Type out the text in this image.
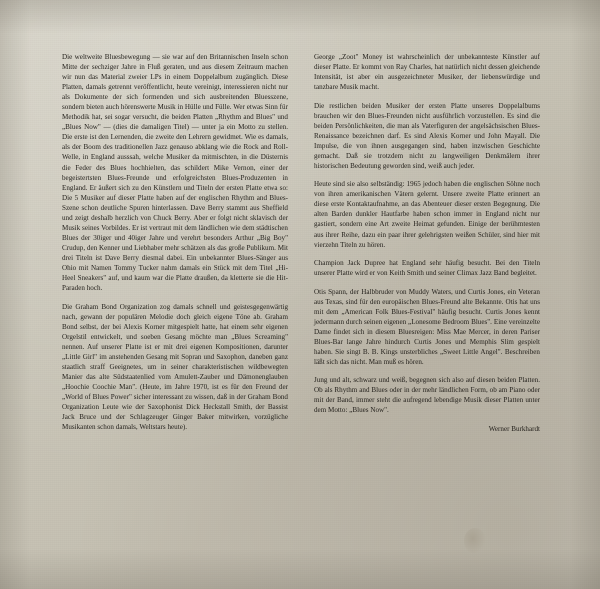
Die weltweite Bluesbewegung — sie war auf den Britannischen Inseln schon Mitte der sechziger Jahre in Fluß geraten, und aus diesem Zeitraum machen wir nun das Material zweier LPs in einem Doppelalbum zugänglich. Diese Platten, damals getrennt veröffentlicht, heute vereinigt, interessieren nicht nur als Dokumente der sich formenden und sich ausbreitenden Bluesszene, sondern bieten auch hörenswerte Musik in Hülle und Fülle. Wer etwas Sinn für Methodik hat, sei sogar versucht, die beiden Platten „Rhythm and Blues" und „Blues Now" — (dies die damaligen Titel) — unter ja ein Motto zu stellen. Die erste ist den Lernenden, die zweite den Lehrern gewidmet. Wie es damals, als der Boom des traditionellen Jazz genauso abklang wie die Rock and Roll-Welle, in England ausssah, welche Musiker da mitmischten, in die Düsternis die Feder des Blues hochhielten, das schildert Mike Vernon, einer der begeistertsten Blues-Freunde und erfolgreichsten Blues-Produzenten in England. Er äußert sich zu den Künstlern und Titeln der ersten Platte etwa so: Die 5 Musiker auf dieser Platte haben auf der englischen Rhythm and Blues-Szene schon deutliche Spuren hinterlassen. Dave Berry stammt aus Sheffield und zeigt deshalb herzlich von Chuck Berry. Aber er folgt nicht sklavisch der Musik seines Vorbildes. Er ist vertraut mit dem ländlichen wie dem städtischen Blues der 30iger und 40iger Jahre und verehrt besonders Arthur „Big Boy" Crudup, den Kenner und Liebhaber mehr schätzen als das große Publikum. Mit drei Titeln ist Dave Berry diesmal dabei. Ein unbekannter Blues-Sänger aus Ohio mit Namen Tommy Tucker nahm damals ein Stück mit dem Titel „Hi-Heel Sneakers" auf, und kaum war die Platte draußen, da kletterte sie die Hit-Paraden hoch.

Die Graham Bond Organization zog damals schnell und geistesgegenwärtig nach, gewann der populären Melodie doch gleich eigene Töne ab. Graham Bond selbst, der bei Alexis Korner mitgespielt hatte, hat einem sehr eigenen Orgelstil entwickelt, und soeben Gesang möchte man „Blues Screaming" nennen. Auf unserer Platte ist er mit drei eigenen Kompositionen, darunter „Little Girl" im anstehenden Gesang mit Sopran und Saxophon, daneben ganz staatlich straff Geeignetes, um in seiner charakteristischen wildbewegten Manier das alte Südstaatenlied vom Amulett-Zauber und Dämonenglauben „Hoochie Coochie Man". (Heute, im Jahre 1970, ist es für den Freund der „World of Blues Power" sicher interessant zu wissen, daß in der Graham Bond Organization Leute wie der Saxophonist Dick Heckstall Smith, der Bassist Jack Bruce und der Schlagzeuger Ginger Baker mitwirken, vorzügliche Musikanten schon damals, Weltstars heute).

George „Zoot" Money ist wahrscheinlich der unbekannteste Künstler auf dieser Platte. Er kommt von Ray Charles, hat natürlich nicht dessen gleichende Intensität, ist aber ein ausgezeichneter Musiker, der liebenswürdige und tanzbare Musik macht.

Die restlichen beiden Musiker der ersten Platte unseres Doppelalbums brauchen wir den Blues-Freunden nicht ausführlich vorzustellen. Es sind die beiden Persönlichkeiten, die man als Vaterfiguren der angelsächsischen Blues-Renaissance bezeichnen darf. Es sind Alexis Korner und John Mayall. Die Impulse, die von ihnen ausgegangen sind, haben inzwischen Geschichte gemacht. Daß sie trotzdem nicht zu langweiligen Denkmälern ihrer historischen Bedeutung geworden sind, weiß auch jeder.

Heute sind sie also selbständig: 1965 jedoch haben die englischen Söhne noch von ihren amerikanischen Vätern gelernt. Unsere zweite Platte erinnert an diese erste Kontaktaufnahme, an das Abenteuer dieser ersten Begegnung. Die alten Barden dunkler Hautfarbe haben schon immer in England nicht nur gastiert, sondern eine Art zweite Heimat gefunden. Einige der berühmtesten aus ihrer Reihe, dazu ein paar ihrer gelehrigsten weißen Schüler, sind hier mit vierzehn Titeln zu hören.

Champion Jack Dupree hat England sehr häufig besucht. Bei den Titeln unserer Platte wird er von Keith Smith und seiner Climax Jazz Band begleitet.

Otis Spann, der Halbbruder von Muddy Waters, und Curtis Jones, ein Veteran aus Texas, sind für den europäischen Blues-Freund alte Bekannte. Otis hat uns mit dem „American Folk Blues-Festival" häufig besucht. Curtis Jones kennt jedermann durch seinen eigenen „Lonesome Bedroom Blues". Eine vereinzelte Dame findet sich in diesem Bluesreigen: Miss Mae Mercer, in deren Pariser Blues-Bar lange Jahre hindurch Curtis Jones und Memphis Slim gespielt haben. Sie singt B. B. Kings unsterbliches „Sweet Little Angel". Beschreiben läßt sich das nicht. Man muß es hören.

Jung und alt, schwarz und weiß, begegnen sich also auf diesen beiden Platten. Ob als Rhythm and Blues oder in der mehr ländlichen Form, ob am Piano oder mit der Band, immer steht die aufregend lebendige Musik dieser Platten unter dem Motto: „Blues Now".

Werner Burkhardt
